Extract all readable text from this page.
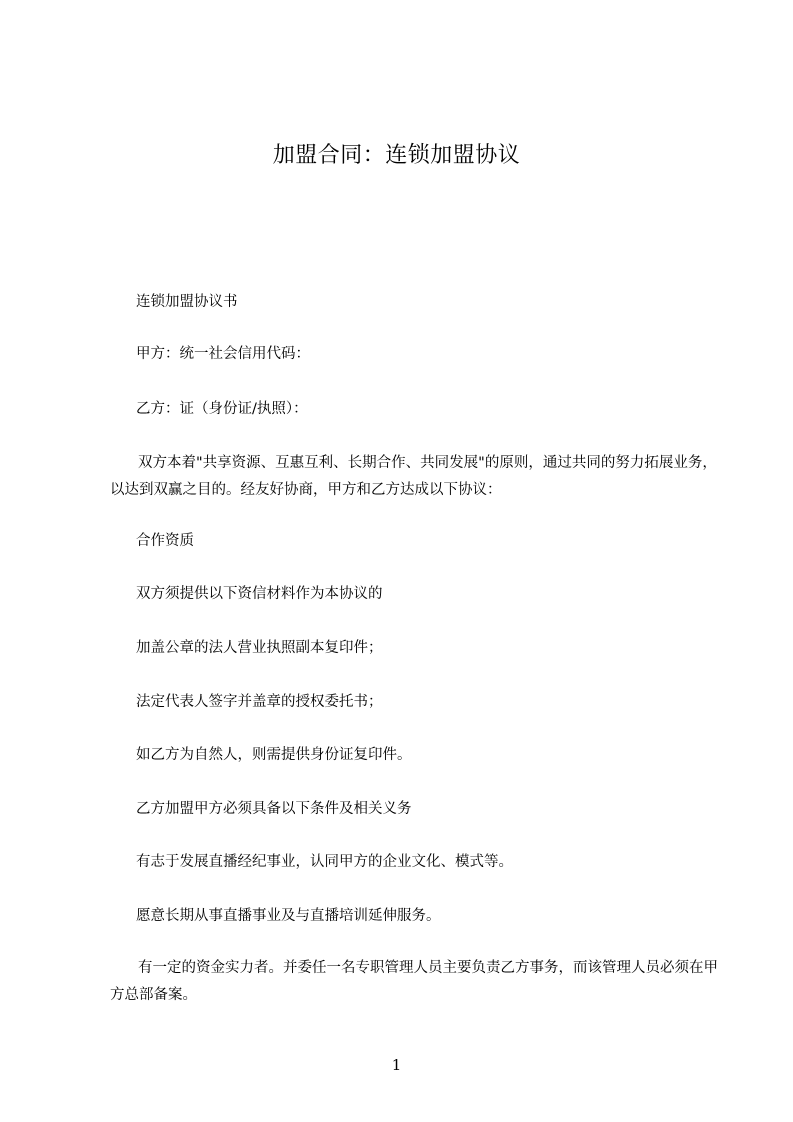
加盟合同：连锁加盟协议
连锁加盟协议书
甲方：统一社会信用代码：
乙方：证（身份证/执照）：
双方本着"共享资源、互惠互利、长期合作、共同发展"的原则，通过共同的努力拓展业务，以达到双赢之目的。经友好协商，甲方和乙方达成以下协议：
合作资质
双方须提供以下资信材料作为本协议的
加盖公章的法人营业执照副本复印件；
法定代表人签字并盖章的授权委托书；
如乙方为自然人，则需提供身份证复印件。
乙方加盟甲方必须具备以下条件及相关义务
有志于发展直播经纪事业，认同甲方的企业文化、模式等。
愿意长期从事直播事业及与直播培训延伸服务。
有一定的资金实力者。并委任一名专职管理人员主要负责乙方事务，而该管理人员必须在甲方总部备案。
1
